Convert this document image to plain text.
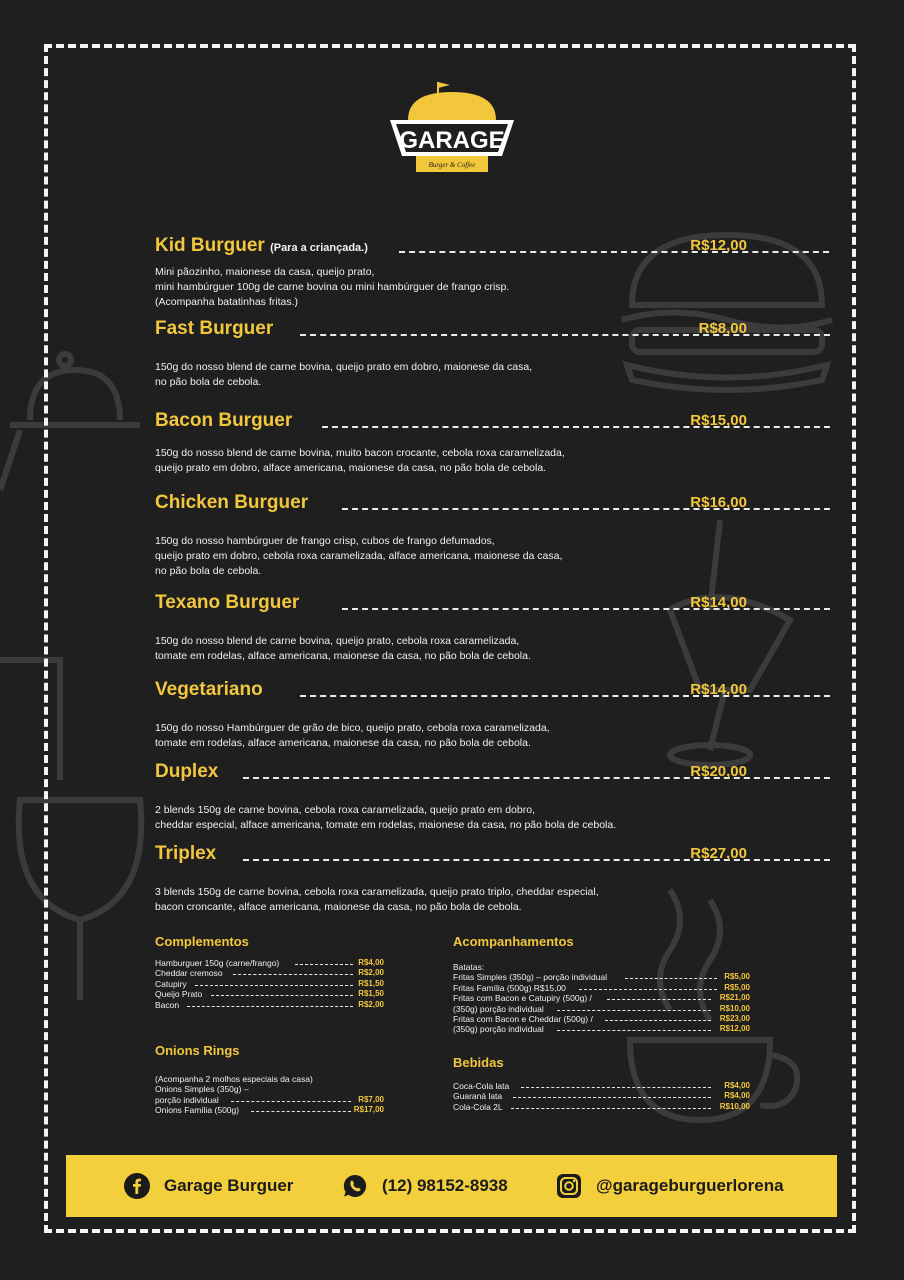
GARAGE
Burger & Coffee
Kid Burguer (Para a criançada.)	R$12,00
Mini pãozinho, maionese da casa, queijo prato,
mini hambúrguer 100g de carne bovina ou mini hambúrguer de frango crisp.
(Acompanha batatinhas fritas.)
Fast Burguer	R$8,00
150g do nosso blend de carne bovina, queijo prato em dobro, maionese da casa,
no pão bola de cebola.
Bacon Burguer	R$15,00
150g do nosso blend de carne bovina, muito bacon crocante, cebola roxa caramelizada,
queijo prato em dobro, alface americana, maionese da casa, no pão bola de cebola.
Chicken Burguer	R$16,00
150g do nosso hambúrguer de frango crisp, cubos de frango defumados,
queijo prato em dobro, cebola roxa caramelizada, alface americana, maionese da casa,
no pão bola de cebola.
Texano Burguer	R$14,00
150g do nosso blend de carne bovina, queijo prato, cebola roxa caramelizada,
tomate em rodelas, alface americana, maionese da casa, no pão bola de cebola.
Vegetariano	R$14,00
150g do nosso Hambúrguer de grão de bico, queijo prato, cebola roxa caramelizada,
tomate em rodelas, alface americana, maionese da casa, no pão bola de cebola.
Duplex	R$20,00
2 blends 150g de carne bovina, cebola roxa caramelizada, queijo prato em dobro,
cheddar especial, alface americana, tomate em rodelas, maionese da casa, no pão bola de cebola.
Triplex	R$27,00
3 blends 150g de carne bovina, cebola roxa caramelizada, queijo prato triplo, cheddar especial,
bacon croncante, alface americana, maionese da casa, no pão bola de cebola.
Complementos
Hamburguer 150g (carne/frango)	R$4,00
Cheddar cremoso	R$2,00
Catupiry	R$1,50
Queijo Prato	R$1,50
Bacon	R$2,00
Onions Rings
(Acompanha 2 molhos especiais da casa)
Onions Simples (350g) –
porção individual	R$7,00
Onions Família (500g)	R$17,00
Acompanhamentos
Batatas:
Fritas Simples (350g) – porção individual	R$5,00
Fritas Família (500g) R$15,00	R$5,00
Fritas com Bacon e Catupiry (500g) /	R$21,00
(350g) porção individual	R$10,00
Fritas com Bacon e Cheddar (500g) /	R$23,00
(350g) porção individual	R$12,00
Bebidas
Coca-Cola lata	R$4,00
Guaraná lata	R$4,00
Cola-Cola 2L	R$10,00
Garage Burguer	(12) 98152-8938	@garageburguerlorena
